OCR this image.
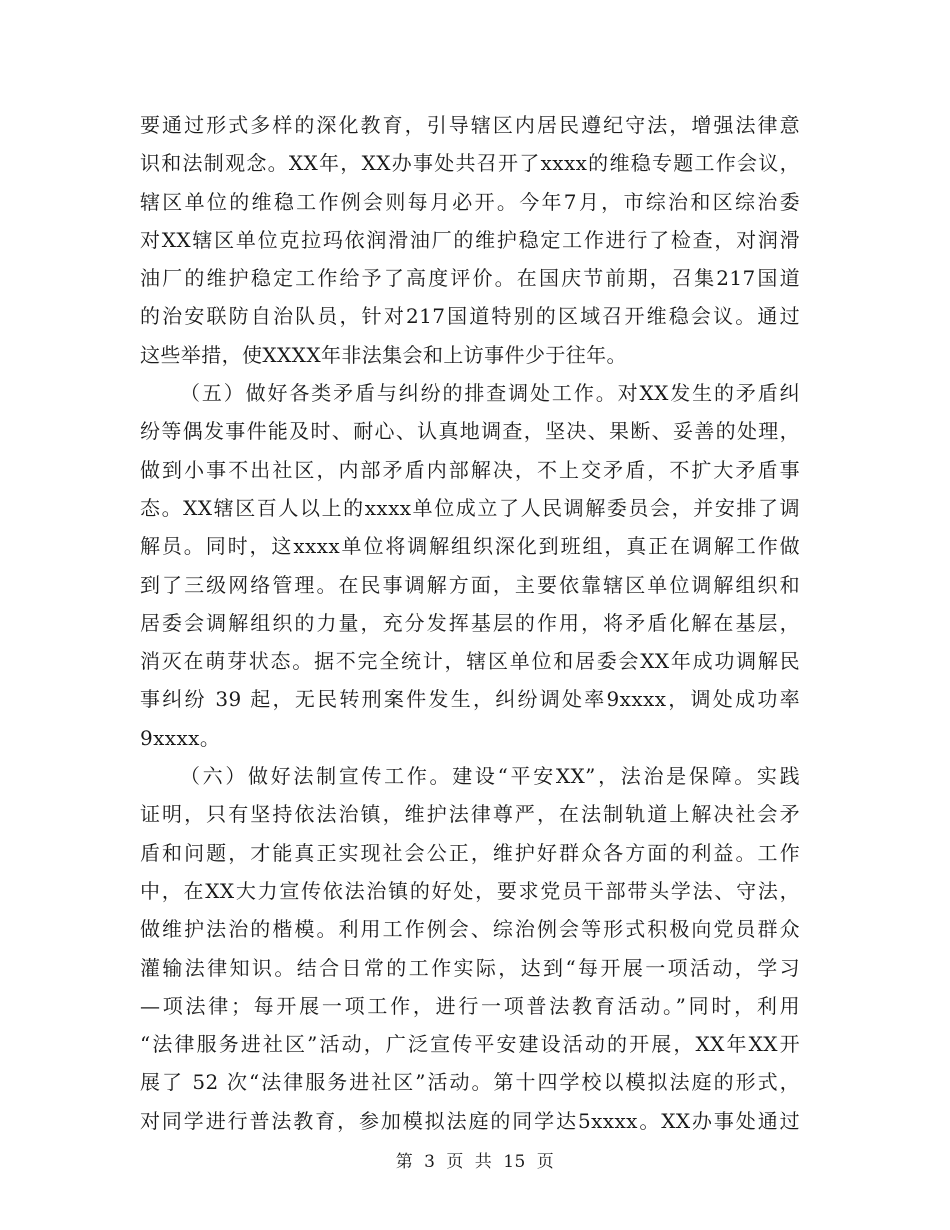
要通过形式多样的深化教育，引导辖区内居民遵纪守法，增强法律意
识和法制观念。XX年，XX办事处共召开了xxxx的维稳专题工作会议，
辖区单位的维稳工作例会则每月必开。今年7月，市综治和区综治委
对XX辖区单位克拉玛依润滑油厂的维护稳定工作进行了检查，对润滑
油厂的维护稳定工作给予了高度评价。在国庆节前期，召集217国道
的治安联防自治队员，针对217国道特别的区域召开维稳会议。通过
这些举措，使XXXX年非法集会和上访事件少于往年。
（五）做好各类矛盾与纠纷的排查调处工作。对XX发生的矛盾纠
纷等偶发事件能及时、耐心、认真地调查，坚决、果断、妥善的处理，
做到小事不出社区，内部矛盾内部解决，不上交矛盾，不扩大矛盾事
态。XX辖区百人以上的xxxx单位成立了人民调解委员会，并安排了调
解员。同时，这xxxx单位将调解组织深化到班组，真正在调解工作做
到了三级网络管理。在民事调解方面，主要依靠辖区单位调解组织和
居委会调解组织的力量，充分发挥基层的作用，将矛盾化解在基层，
消灭在萌芽状态。据不完全统计，辖区单位和居委会XX年成功调解民
事纠纷 39 起，无民转刑案件发生，纠纷调处率9xxxx，调处成功率
9xxxx。
（六）做好法制宣传工作。建设“平安XX”，法治是保障。实践
证明，只有坚持依法治镇，维护法律尊严，在法制轨道上解决社会矛
盾和问题，才能真正实现社会公正，维护好群众各方面的利益。工作
中，在XX大力宣传依法治镇的好处，要求党员干部带头学法、守法，
做维护法治的楷模。利用工作例会、综治例会等形式积极向党员群众
灌输法律知识。结合日常的工作实际，达到“每开展一项活动，学习
—项法律；每开展一项工作，进行一项普法教育活动。”同时，利用
“法律服务进社区”活动，广泛宣传平安建设活动的开展，XX年XX开
展了 52 次“法律服务进社区”活动。第十四学校以模拟法庭的形式，
对同学进行普法教育，参加模拟法庭的同学达5xxxx。XX办事处通过
第 3 页 共 15 页
